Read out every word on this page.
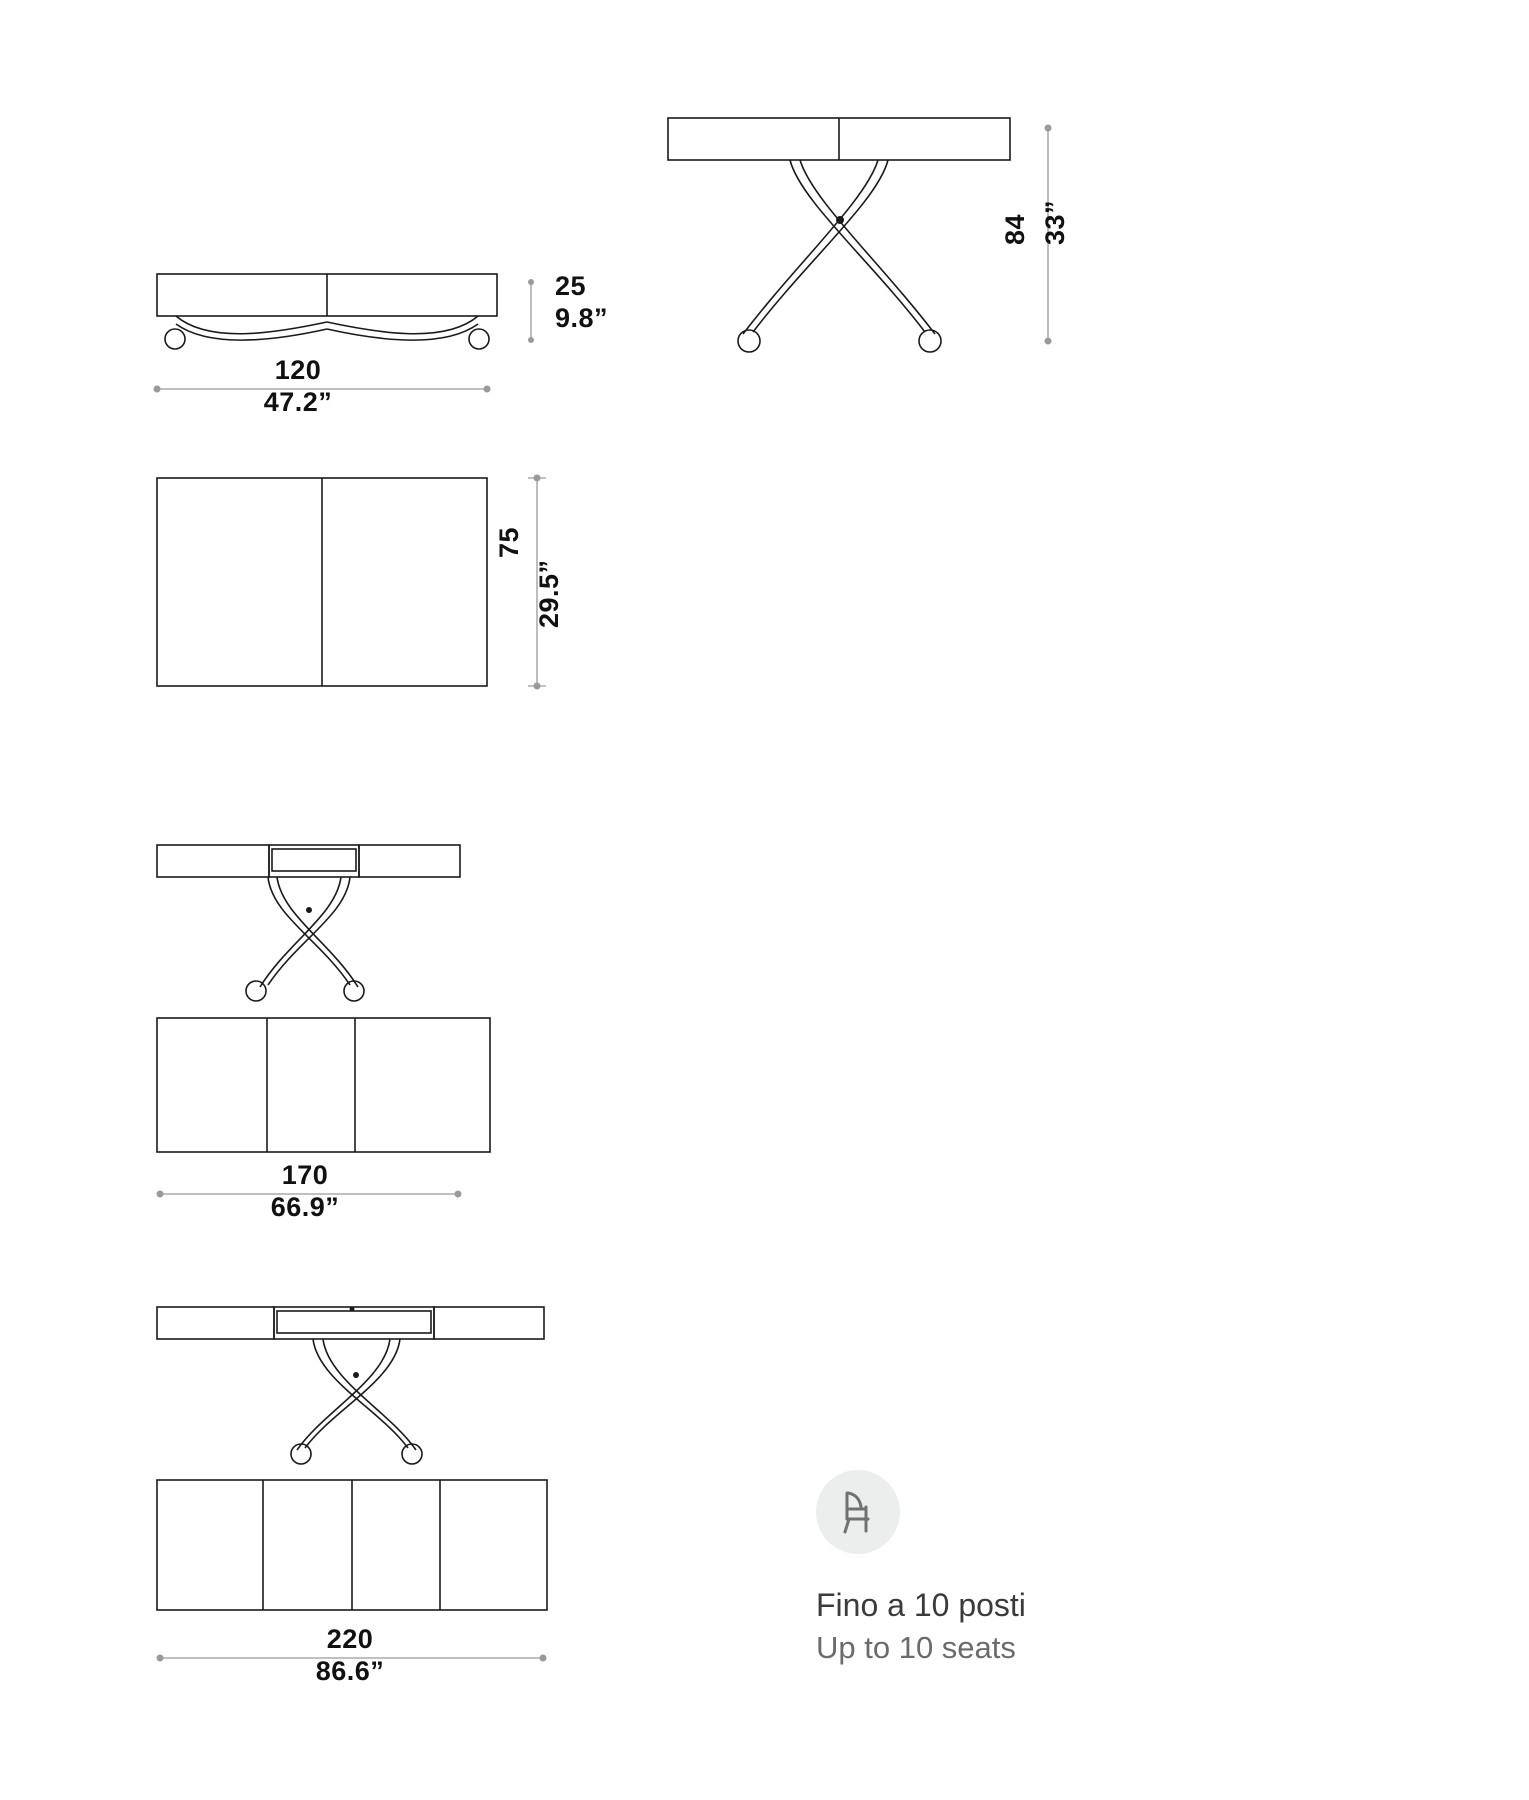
25
9.8”
120
47.2”
84 33”
75
29.5”
170
66.9”
220
86.6”
Fino a 10 posti
Up to 10 seats
